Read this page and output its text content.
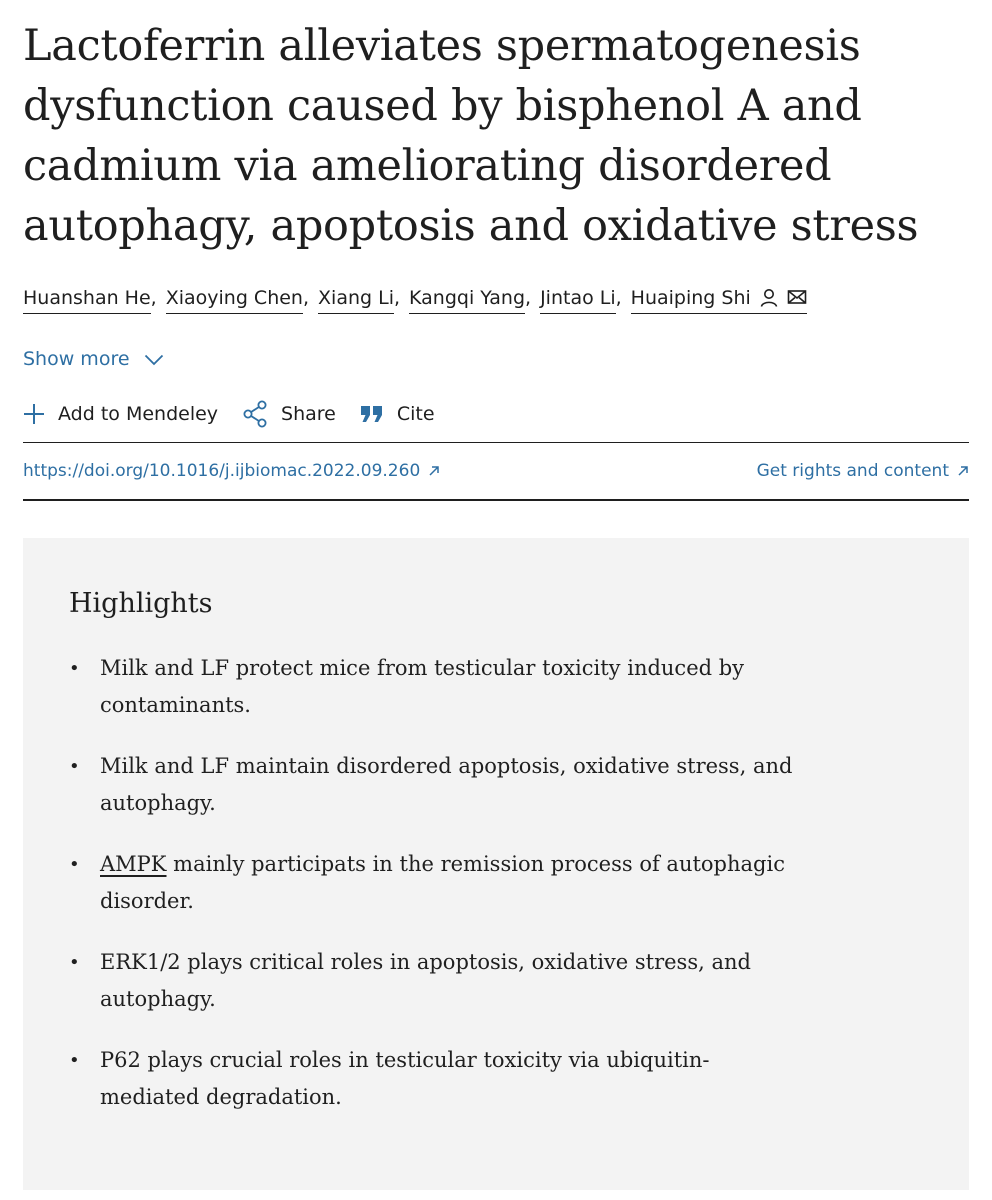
Lactoferrin alleviates spermatogenesis dysfunction caused by bisphenol A and cadmium via ameliorating disordered autophagy, apoptosis and oxidative stress
Huanshan He , Xiaoying Chen , Xiang Li , Kangqi Yang , Jintao Li , Huaiping Shi
Show more
Add to Mendeley	Share	Cite
https://doi.org/10.1016/j.ijbiomac.2022.09.260	Get rights and content
Highlights
• Milk and LF protect mice from testicular toxicity induced by contaminants.
• Milk and LF maintain disordered apoptosis, oxidative stress, and autophagy.
• AMPK mainly participats in the remission process of autophagic disorder.
• ERK1/2 plays critical roles in apoptosis, oxidative stress, and autophagy.
• P62 plays crucial roles in testicular toxicity via ubiquitin-mediated degradation.
